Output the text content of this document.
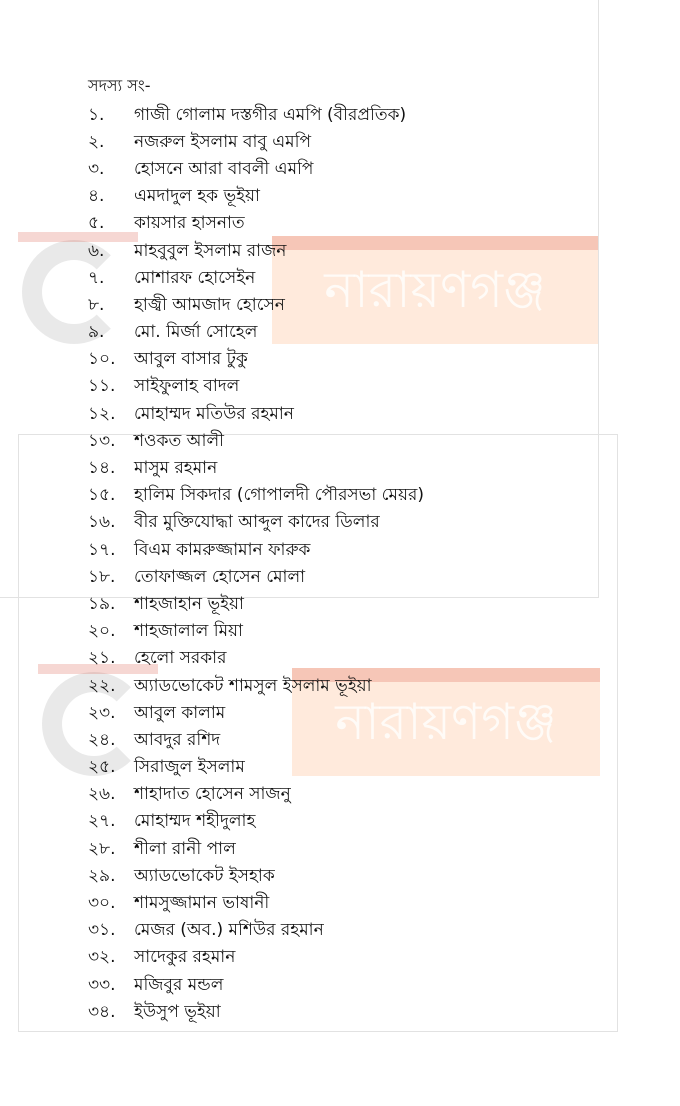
নারায়ণগঞ্জ
নারায়ণগঞ্জ
সদস্য সং-
১.	গাজী গোলাম দস্তগীর এমপি (বীরপ্রতিক)
২.	নজরুল ইসলাম বাবু এমপি
৩.	হোসনে আরা বাবলী এমপি
৪.	এমদাদুল হক ভূইয়া
৫.	কায়সার হাসনাত
৬.	মাহবুবুল ইসলাম রাজন
৭.	মোশারফ হোসেইন
৮.	হাজ্বী আমজাদ হোসেন
৯.	মো. মির্জা সোহেল
১০.	আবুল বাসার টুকু
১১.	সাইফুলাহ বাদল
১২.	মোহাম্মদ মতিউর রহমান
১৩.	শওকত আলী
১৪.	মাসুম রহমান
১৫.	হালিম সিকদার (গোপালদী পৌরসভা মেয়র)
১৬.	বীর মুক্তিযোদ্ধা আব্দুল কাদের ডিলার
১৭.	বিএম কামরুজ্জামান ফারুক
১৮.	তোফাজ্জল হোসেন মোলা
১৯.	শাহজাহান ভূইয়া
২০.	শাহজালাল মিয়া
২১.	হেলো সরকার
২২.	অ্যাডভোকেট শামসুল ইসলাম ভূইয়া
২৩.	আবুল কালাম
২৪.	আবদুর রশিদ
২৫.	সিরাজুল ইসলাম
২৬.	শাহাদাত হোসেন সাজনু
২৭.	মোহাম্মদ শহীদুলাহ
২৮.	শীলা রানী পাল
২৯.	অ্যাডভোকেট ইসহাক
৩০.	শামসুজ্জামান ভাষানী
৩১.	মেজর (অব.) মশিউর রহমান
৩২.	সাদেকুর রহমান
৩৩.	মজিবুর মন্ডল
৩৪.	ইউসুপ ভূইয়া
